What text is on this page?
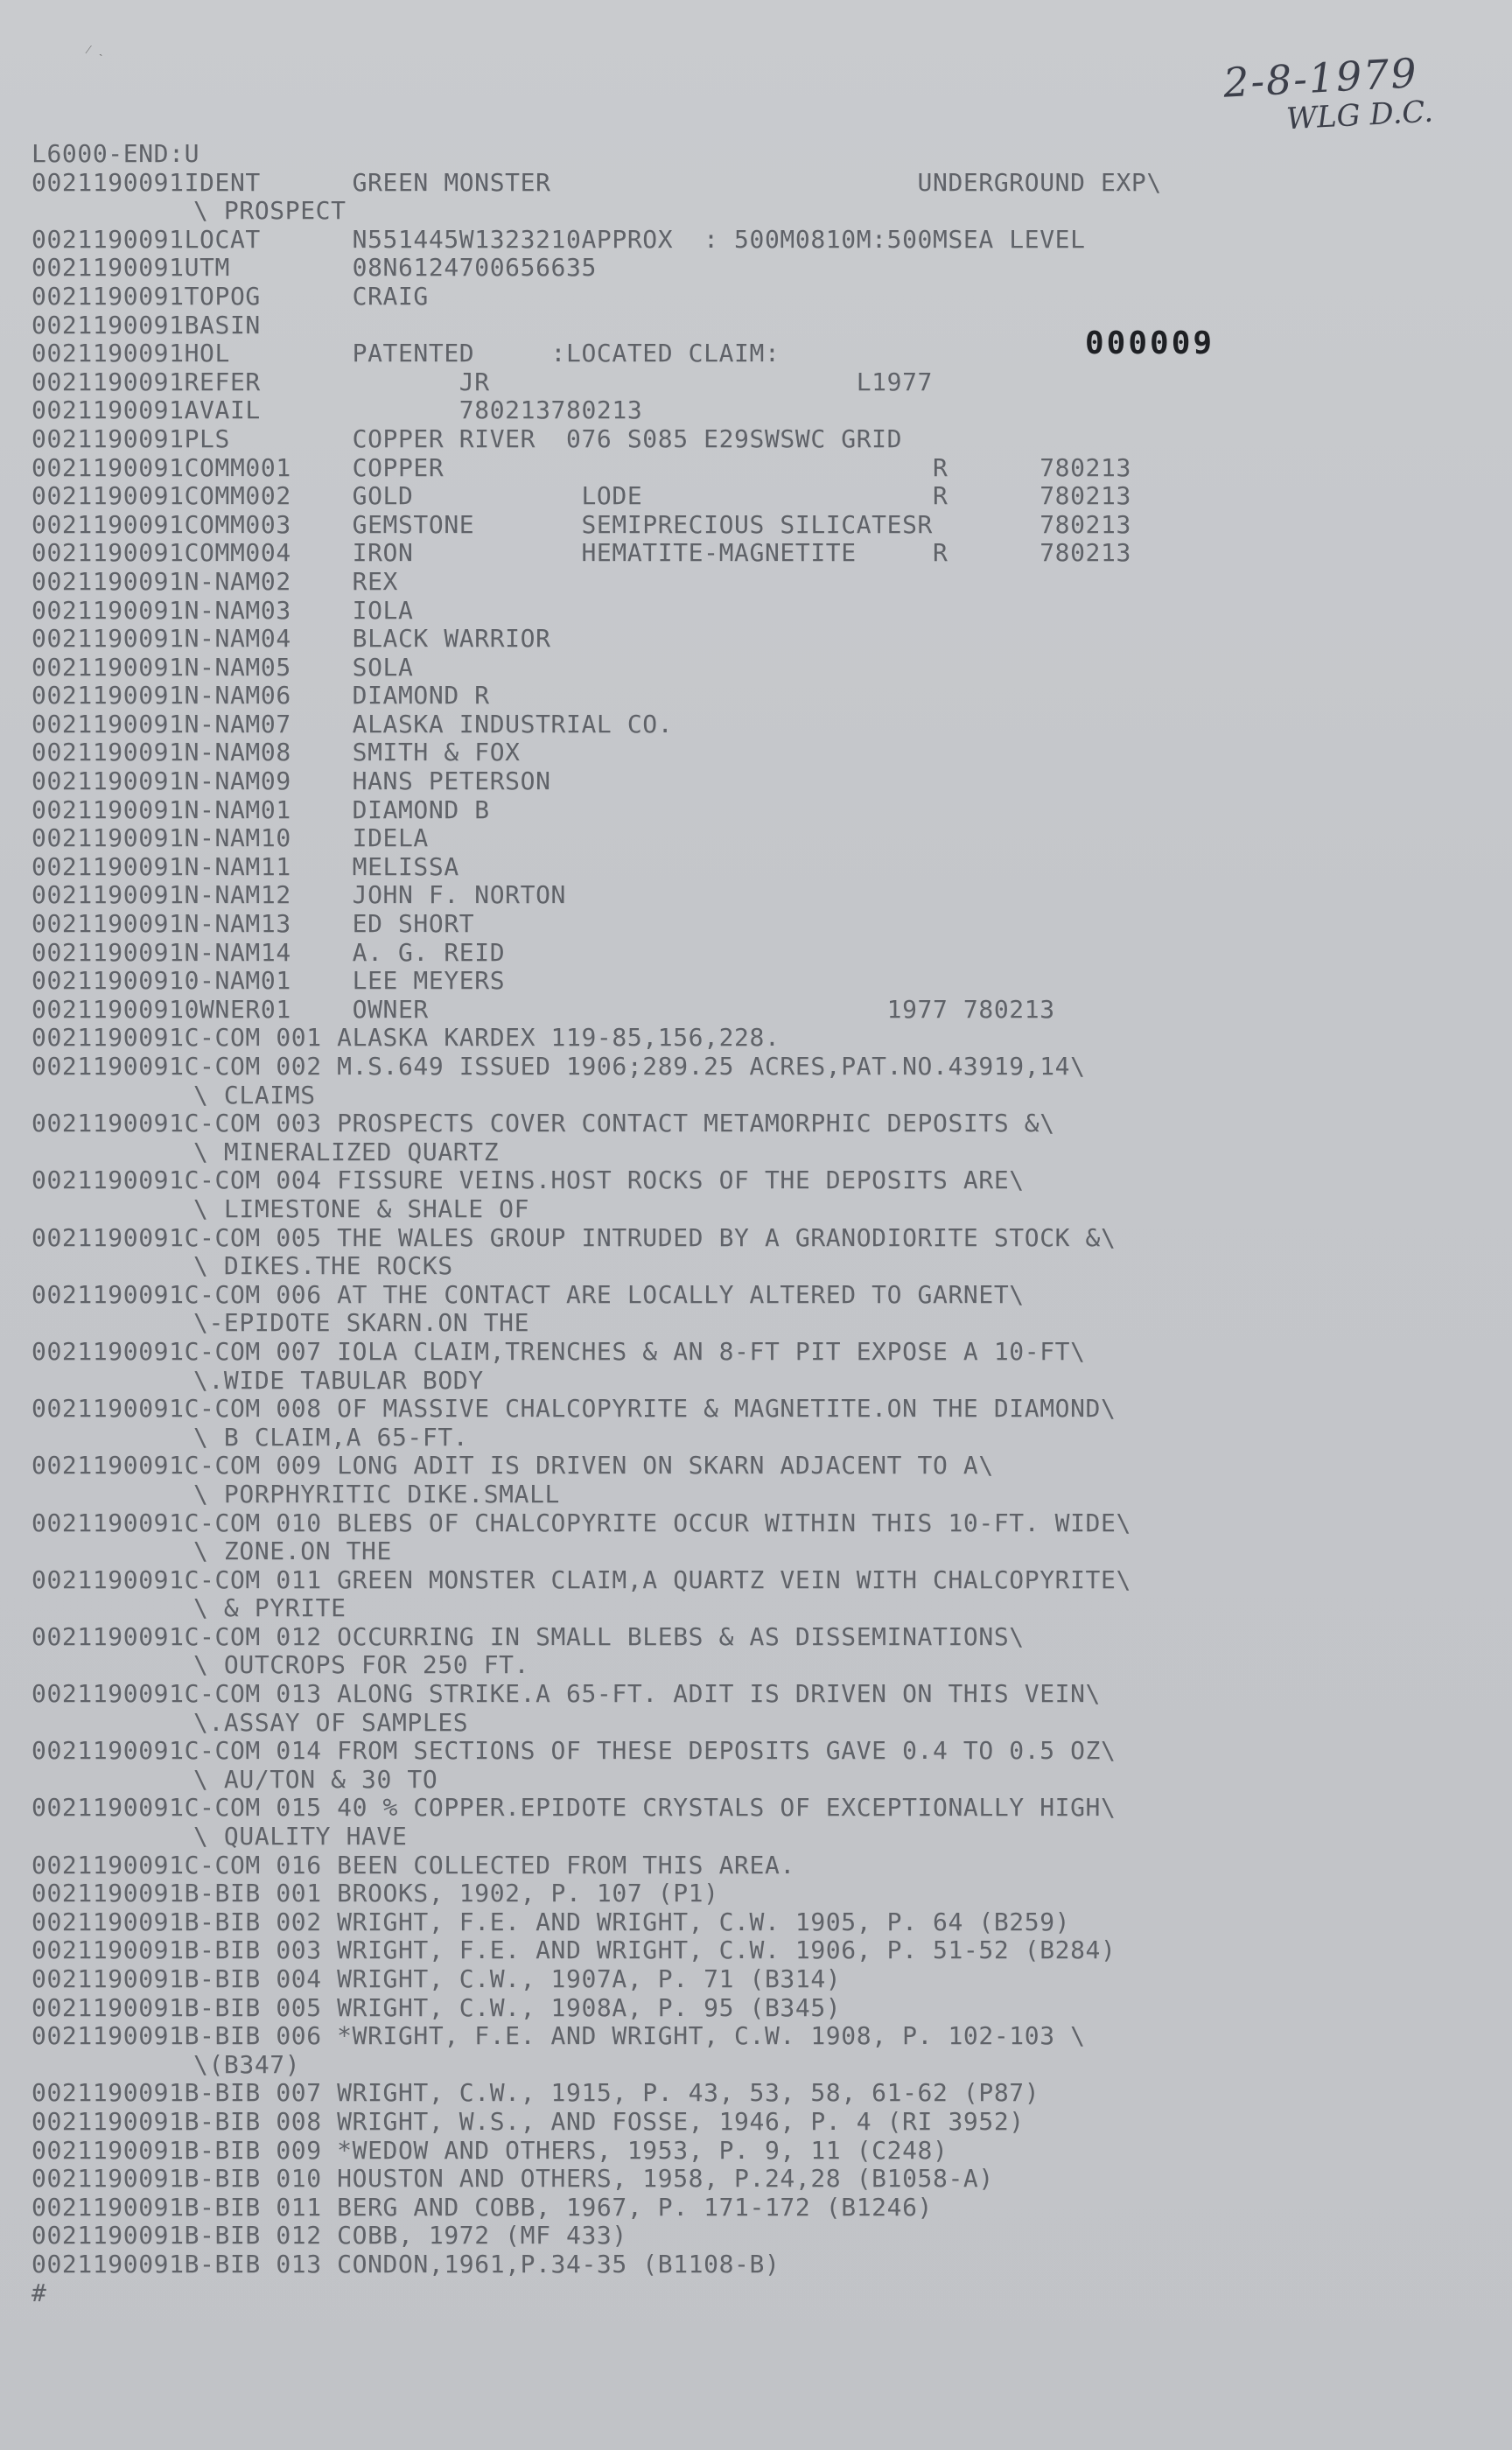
⁄   ˏ	2-8-1979
WLG D.C.
000009
L6000-END:U
0021190091IDENT      GREEN MONSTER                        UNDERGROUND EXP\
\ PROSPECT
0021190091LOCAT      N551445W1323210APPROX  : 500M0810M:500MSEA LEVEL
0021190091UTM        08N6124700656635
0021190091TOPOG      CRAIG
0021190091BASIN
0021190091HOL        PATENTED     :LOCATED CLAIM:
0021190091REFER             JR                        L1977
0021190091AVAIL             780213780213
0021190091PLS        COPPER RIVER  076 S085 E29SWSWC GRID
0021190091COMM001    COPPER                                R      780213
0021190091COMM002    GOLD           LODE                   R      780213
0021190091COMM003    GEMSTONE       SEMIPRECIOUS SILICATESR       780213
0021190091COMM004    IRON           HEMATITE-MAGNETITE     R      780213
0021190091N-NAM02    REX
0021190091N-NAM03    IOLA
0021190091N-NAM04    BLACK WARRIOR
0021190091N-NAM05    SOLA
0021190091N-NAM06    DIAMOND R
0021190091N-NAM07    ALASKA INDUSTRIAL CO.
0021190091N-NAM08    SMITH & FOX
0021190091N-NAM09    HANS PETERSON
0021190091N-NAM01    DIAMOND B
0021190091N-NAM10    IDELA
0021190091N-NAM11    MELISSA
0021190091N-NAM12    JOHN F. NORTON
0021190091N-NAM13    ED SHORT
0021190091N-NAM14    A. G. REID
00211900910-NAM01    LEE MEYERS
00211900910WNER01    OWNER                              1977 780213
0021190091C-COM 001 ALASKA KARDEX 119-85,156,228.
0021190091C-COM 002 M.S.649 ISSUED 1906;289.25 ACRES,PAT.NO.43919,14\
\ CLAIMS
0021190091C-COM 003 PROSPECTS COVER CONTACT METAMORPHIC DEPOSITS &\
\ MINERALIZED QUARTZ
0021190091C-COM 004 FISSURE VEINS.HOST ROCKS OF THE DEPOSITS ARE\
\ LIMESTONE & SHALE OF
0021190091C-COM 005 THE WALES GROUP INTRUDED BY A GRANODIORITE STOCK &\
\ DIKES.THE ROCKS
0021190091C-COM 006 AT THE CONTACT ARE LOCALLY ALTERED TO GARNET\
\-EPIDOTE SKARN.ON THE
0021190091C-COM 007 IOLA CLAIM,TRENCHES & AN 8-FT PIT EXPOSE A 10-FT\
\.WIDE TABULAR BODY
0021190091C-COM 008 OF MASSIVE CHALCOPYRITE & MAGNETITE.ON THE DIAMOND\
\ B CLAIM,A 65-FT.
0021190091C-COM 009 LONG ADIT IS DRIVEN ON SKARN ADJACENT TO A\
\ PORPHYRITIC DIKE.SMALL
0021190091C-COM 010 BLEBS OF CHALCOPYRITE OCCUR WITHIN THIS 10-FT. WIDE\
\ ZONE.ON THE
0021190091C-COM 011 GREEN MONSTER CLAIM,A QUARTZ VEIN WITH CHALCOPYRITE\
\ & PYRITE
0021190091C-COM 012 OCCURRING IN SMALL BLEBS & AS DISSEMINATIONS\
\ OUTCROPS FOR 250 FT.
0021190091C-COM 013 ALONG STRIKE.A 65-FT. ADIT IS DRIVEN ON THIS VEIN\
\.ASSAY OF SAMPLES
0021190091C-COM 014 FROM SECTIONS OF THESE DEPOSITS GAVE 0.4 TO 0.5 OZ\
\ AU/TON & 30 TO
0021190091C-COM 015 40 % COPPER.EPIDOTE CRYSTALS OF EXCEPTIONALLY HIGH\
\ QUALITY HAVE
0021190091C-COM 016 BEEN COLLECTED FROM THIS AREA.
0021190091B-BIB 001 BROOKS, 1902, P. 107 (P1)
0021190091B-BIB 002 WRIGHT, F.E. AND WRIGHT, C.W. 1905, P. 64 (B259)
0021190091B-BIB 003 WRIGHT, F.E. AND WRIGHT, C.W. 1906, P. 51-52 (B284)
0021190091B-BIB 004 WRIGHT, C.W., 1907A, P. 71 (B314)
0021190091B-BIB 005 WRIGHT, C.W., 1908A, P. 95 (B345)
0021190091B-BIB 006 *WRIGHT, F.E. AND WRIGHT, C.W. 1908, P. 102-103 \
\(B347)
0021190091B-BIB 007 WRIGHT, C.W., 1915, P. 43, 53, 58, 61-62 (P87)
0021190091B-BIB 008 WRIGHT, W.S., AND FOSSE, 1946, P. 4 (RI 3952)
0021190091B-BIB 009 *WEDOW AND OTHERS, 1953, P. 9, 11 (C248)
0021190091B-BIB 010 HOUSTON AND OTHERS, 1958, P.24,28 (B1058-A)
0021190091B-BIB 011 BERG AND COBB, 1967, P. 171-172 (B1246)
0021190091B-BIB 012 COBB, 1972 (MF 433)
0021190091B-BIB 013 CONDON,1961,P.34-35 (B1108-B)
#
